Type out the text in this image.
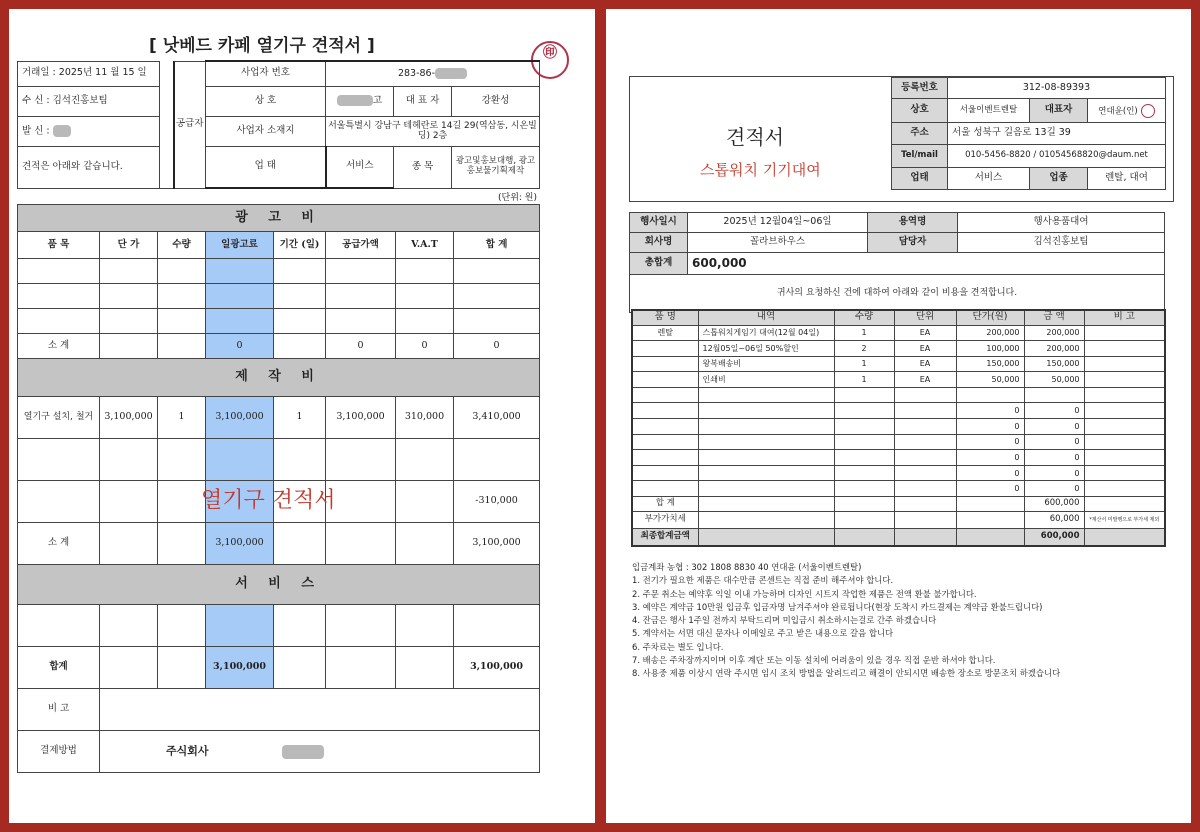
[ 낫베드 카페 열기구 견적서 ]	㊞
거래일 : 2025년 11 월 15 일		공급자	사업자 번호	283-86-		
수 신 : 김석진홍보팀			상 호	고	대 표 자	강환성
발 신 :			사업자 소재지	서울특별시 강남구 테헤란로 14길 29(역삼동, 시온빌딩) 2층		
견적은 아래와 같습니다.			업 태	서비스	종 목	광고및홍보대행, 광고홍보물기획제작
(단위: 원)
광 고 비							
품 목	단 가	수량	일광고료	기간 (일)	공급가액	V.A.T	합 계

소 계			0		0	0	0
제 작 비							
열기구 설치, 철거	3,100,000	1	3,100,000	1	3,100,000	310,000	3,410,000

							-310,000
소 계			3,100,000				3,100,000
서 비 스							

합계			3,100,000				3,100,000
비 고							
결제방법	주식회사						
열기구 견적서
견적서
스톱워치 기기대여
등록번호	312-08-89393		
상호	서울이벤트렌탈	대표자	연대윤(인)
주소	서울 성북구 길음로 13길 39		
Tel/mail	010-5456-8820 / 01054568820@daum.net		
업태	서비스	업종	렌탈, 대여
행사일시	2025년 12월04일~06일	용역명	행사용품대여
회사명	꼴라브하우스	담당자	김석진홍보팀
총합계	600,000		
귀사의 요청하신 건에 대하여 아래와 같이 비용을 견적합니다.			
품 명	내역	수량	단위	단가(원)	금 액	비 고
렌탈	스톱워치게임기 대여(12월 04일)	1	EA	200,000	200,000	
	12월05일~06일 50%할인	2	EA	100,000	200,000	
	왕복배송비	1	EA	150,000	150,000	
	인쇄비	1	EA	50,000	50,000	

				0	0	
				0	0	
				0	0	
				0	0	
				0	0	
				0	0	
합 계					600,000	
부가가치세					60,000	*계산서 미발행으로 부가세 제외
최종합계금액					600,000	
입금계좌 농협 : 302 1808 8830 40 연대윤 (서울이벤트렌탈)
1. 전기가 필요한 제품은 대수만큼 콘센트는 직접 준비 해주셔야 합니다.
2. 주문 취소는 예약후 익일 이내 가능하며 디자인 시트지 작업한 제품은 전액 환불 불가합니다.
3. 예약은 계약금 10만원 입금후 입금자명 남겨주셔야 완료됩니다(현장 도착시 카드결제는 계약금 환불드립니다)
4. 잔금은 행사 1주일 전까지 부탁드리며 미입금시 취소하시는걸로 간주 하겠습니다
5. 계약서는 서면 대신 문자나 이메일로 주고 받은 내용으로 갈음 합니다
6. 주차료는 별도 입니다.
7. 배송은 주차장까지이며 이후 계단 또는 이동 설치에 어려움이 있을 경우 직접 운반 하셔야 합니다.
8. 사용중 제품 이상시 연락 주시면 임시 조치 방법을 알려드리고 해결이 안되시면 배송한 장소로 방문조치 하겠습니다
